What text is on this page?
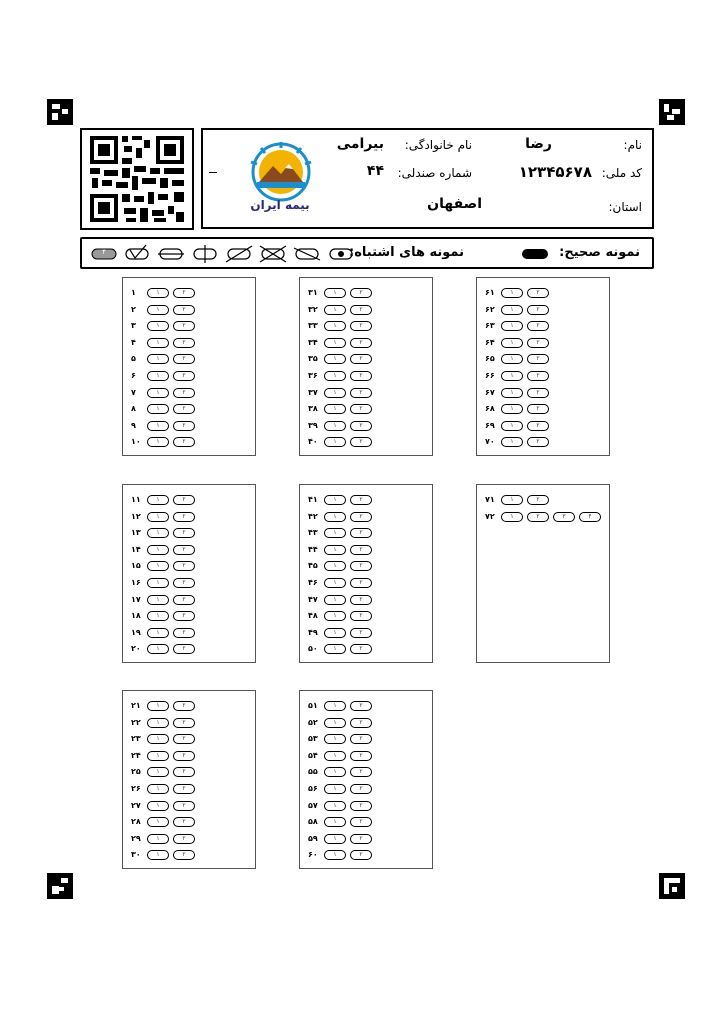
بیمه ایران
نام:
رضا
نام خانوادگی:
بیرامی
کد ملی:
۱۲۳۴۵۶۷۸
شماره صندلی:
۴۴
استان:
اصفهان
نمونه صحیح:
نمونه های اشتباه:
۴
۱	۱	۲
۲	۱	۲
۳	۱	۲
۴	۱	۲
۵	۱	۲
۶	۱	۲
۷	۱	۲
۸	۱	۲
۹	۱	۲
۱۰	۱	۲
۳۱	۱	۲
۳۲	۱	۲
۳۳	۱	۲
۳۴	۱	۲
۳۵	۱	۲
۳۶	۱	۲
۳۷	۱	۲
۳۸	۱	۲
۳۹	۱	۲
۴۰	۱	۲
۶۱	۱	۲
۶۲	۱	۲
۶۳	۱	۲
۶۴	۱	۲
۶۵	۱	۲
۶۶	۱	۲
۶۷	۱	۲
۶۸	۱	۲
۶۹	۱	۲
۷۰	۱	۲
۱۱	۱	۲
۱۲	۱	۲
۱۳	۱	۲
۱۴	۱	۲
۱۵	۱	۲
۱۶	۱	۲
۱۷	۱	۲
۱۸	۱	۲
۱۹	۱	۲
۲۰	۱	۲
۴۱	۱	۲
۴۲	۱	۲
۴۳	۱	۲
۴۴	۱	۲
۴۵	۱	۲
۴۶	۱	۲
۴۷	۱	۲
۴۸	۱	۲
۴۹	۱	۲
۵۰	۱	۲
۷۱	۱	۲
۷۲	۱	۲	۳	۴
۲۱	۱	۲
۲۲	۱	۲
۲۳	۱	۲
۲۴	۱	۲
۲۵	۱	۲
۲۶	۱	۲
۲۷	۱	۲
۲۸	۱	۲
۲۹	۱	۲
۳۰	۱	۲
۵۱	۱	۲
۵۲	۱	۲
۵۳	۱	۲
۵۴	۱	۲
۵۵	۱	۲
۵۶	۱	۲
۵۷	۱	۲
۵۸	۱	۲
۵۹	۱	۲
۶۰	۱	۲
